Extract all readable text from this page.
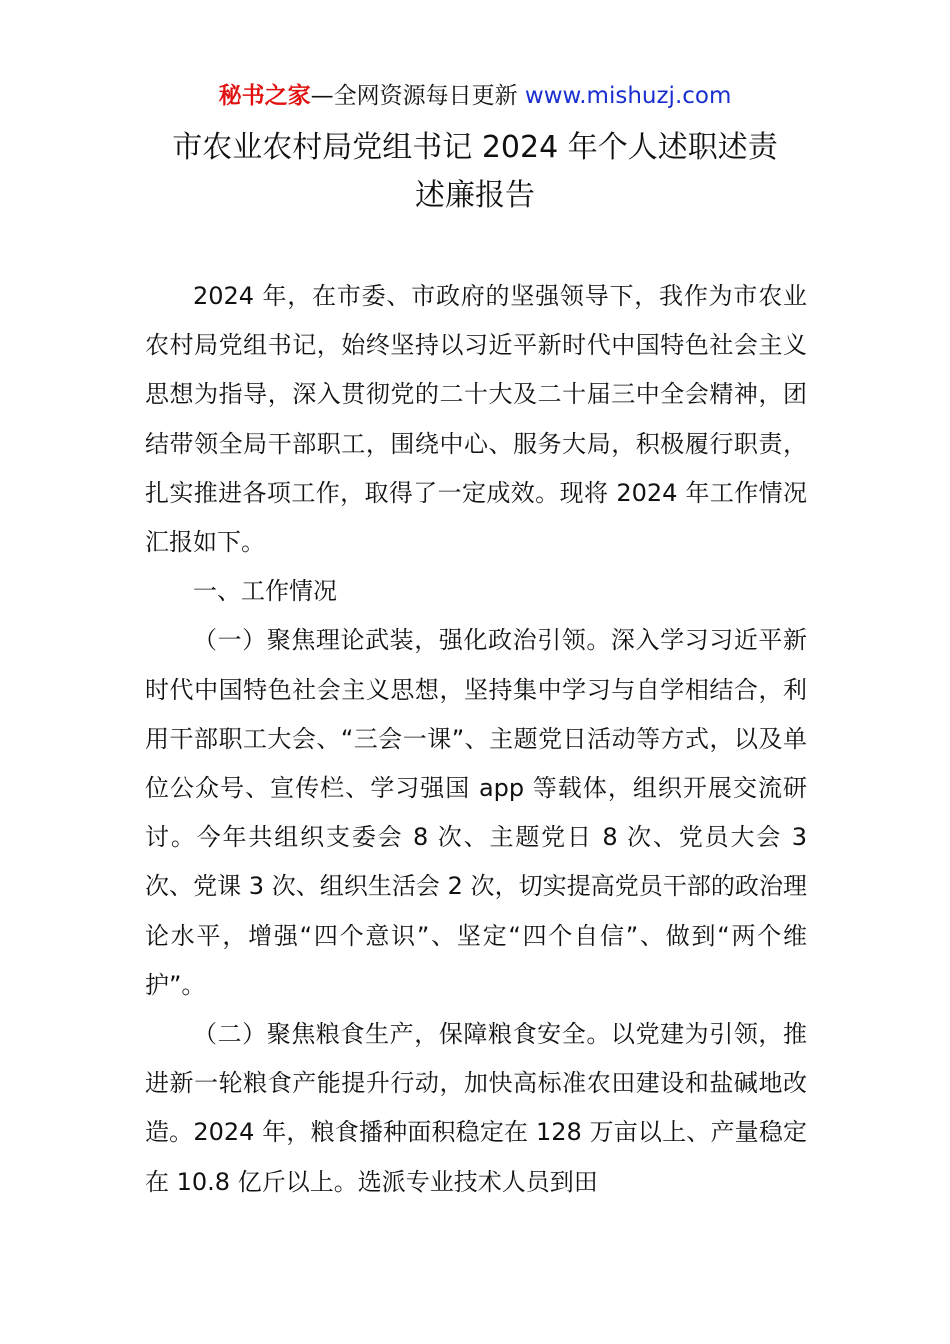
秘书之家—全网资源每日更新 www.mishuzj.com
市农业农村局党组书记 2024 年个人述职述责
述廉报告

2024 年，在市委、市政府的坚强领导下，我作为市农业农村局党组书记，始终坚持以习近平新时代中国特色社会主义思想为指导，深入贯彻党的二十大及二十届三中全会精神，团结带领全局干部职工，围绕中心、服务大局，积极履行职责，扎实推进各项工作，取得了一定成效。现将 2024 年工作情况汇报如下。

一、工作情况

（一）聚焦理论武装，强化政治引领。深入学习习近平新时代中国特色社会主义思想，坚持集中学习与自学相结合，利用干部职工大会、“三会一课”、主题党日活动等方式，以及单位公众号、宣传栏、学习强国 app 等载体，组织开展交流研讨。今年共组织支委会 8 次、主题党日 8 次、党员大会 3 次、党课 3 次、组织生活会 2 次，切实提高党员干部的政治理论水平，增强“四个意识”、坚定“四个自信”、做到“两个维护”。

（二）聚焦粮食生产，保障粮食安全。以党建为引领，推进新一轮粮食产能提升行动，加快高标准农田建设和盐碱地改造。2024 年，粮食播种面积稳定在 128 万亩以上、产量稳定在 10.8 亿斤以上。选派专业技术人员到田
